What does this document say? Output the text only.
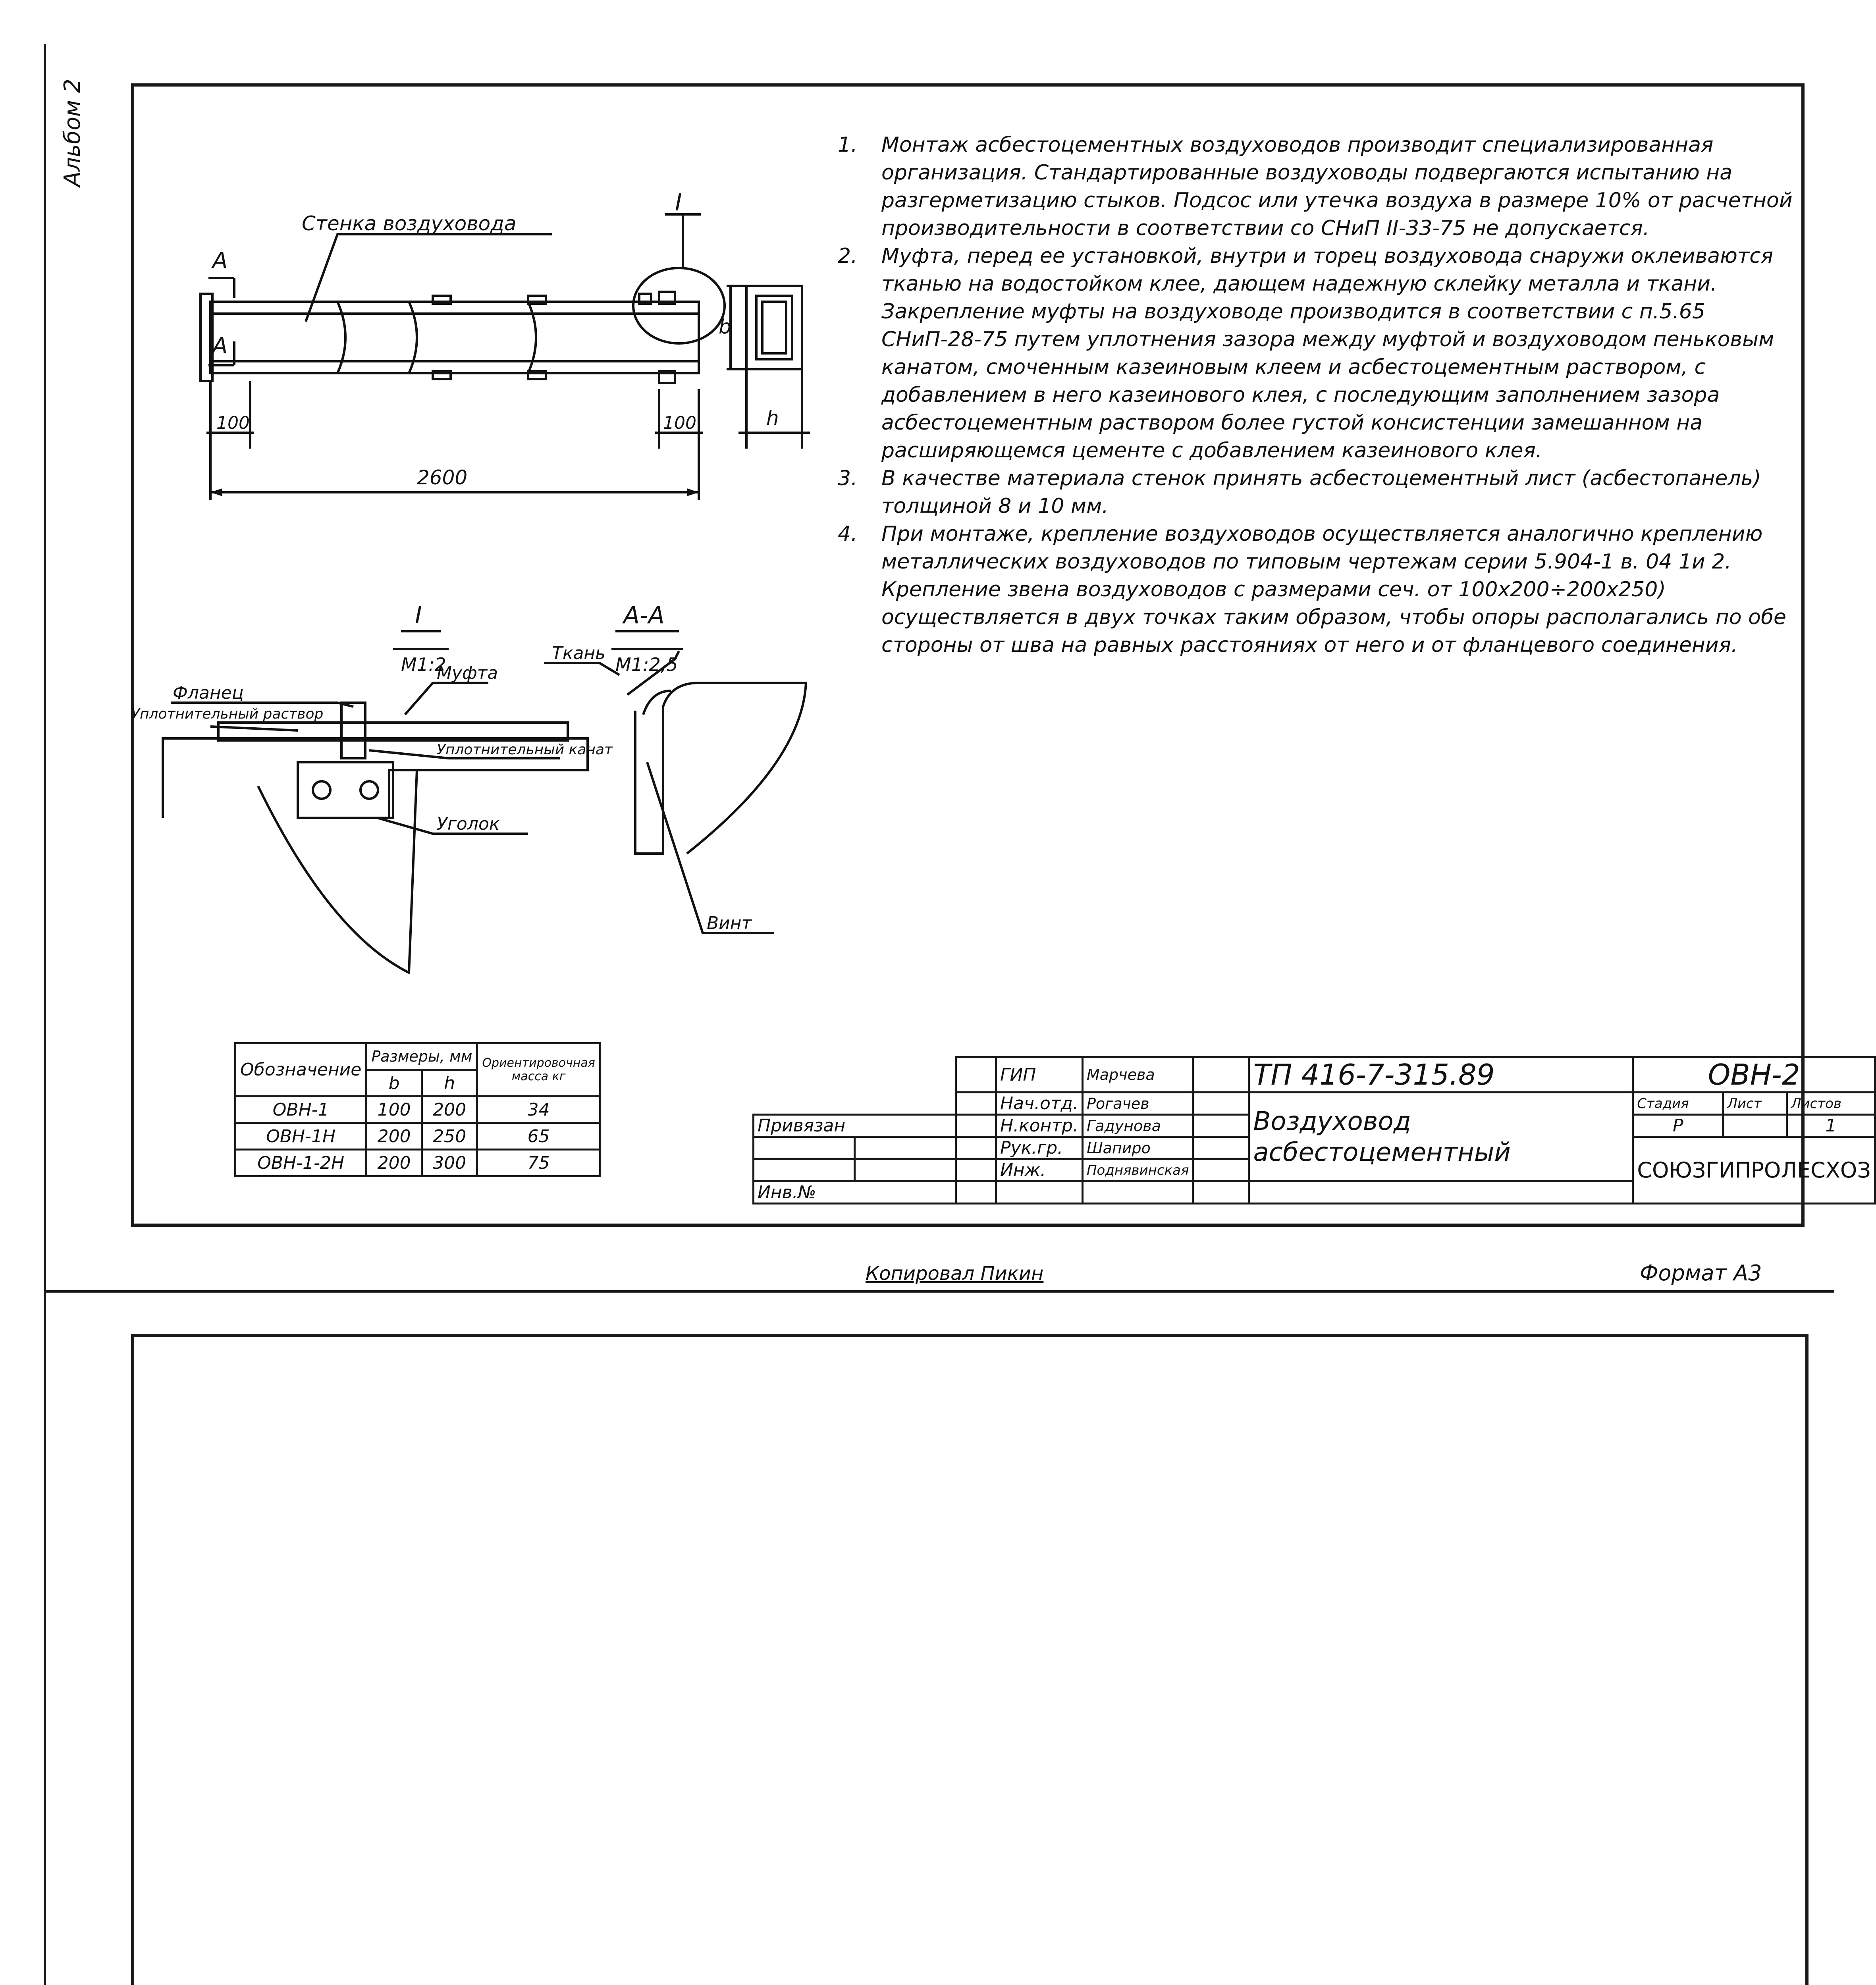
Альбом 2
Копировал Пикин	Формат А3
Стенка воздуховода
I
А
А
100	100
2600
b
h
I
М1:2
А-А
М1:2,5
Фланец
Уплотнительный раствор
Муфта
Уплотнительный канат
Уголок
Ткань
Винт

1.	Монтаж асбестоцементных воздуховодов производит специализированная организация. Стандартированные воздуховоды подвергаются испытанию на разгерметизацию стыков. Подсос или утечка воздуха в размере 10% от расчетной производительности в соответствии со СНиП II-33-75 не допускается.

2.	Муфта, перед ее установкой, внутри и торец воздуховода снаружи оклеиваются тканью на водостойком клее, дающем надежную склейку металла и ткани. Закрепление муфты на воздуховоде производится в соответствии с п.5.65 СНиП-28-75 путем уплотнения зазора между муфтой и воздуховодом пеньковым канатом, смоченным казеиновым клеем и асбестоцементным раствором, с добавлением в него казеинового клея, с последующим заполнением зазора асбестоцементным раствором более густой консистенции замешанном на расширяющемся цементе с добавлением казеинового клея.

3.	В качестве материала стенок принять асбестоцементный лист (асбестопанель) толщиной 8 и 10 мм.

4.	При монтаже, крепление воздуховодов осуществляется аналогично креплению металлических воздуховодов по типовым чертежам серии 5.904-1 в. 04 1и 2. Крепление звена воздуховодов с размерами сеч. от 100х200÷200х250) осуществляется в двух точках таким образом, чтобы опоры располагались по обе стороны от шва на равных расстояниях от него и от фланцевого соединения.

Обозначение	Размеры, мм		Ориентировочная масса кг
	b	h	
ОВН-1	100	200	34
ОВН-1Н	200	250	65
ОВН-1-2Н	200	300	75
			ГИП	Марчева		ТП 416-7-315.89	ОВН-2		
			Нач.отд.	Рогачев		Воздуховод асбестоцементный	Стадия	Лист	Листов
Привязан			Н.контр.	Гадунова			Р		1
			Рук.гр.	Шапиро			СОЮЗГИПРОЛЕСХОЗ		
			Инж.	Поднявинская					
Инв.№									
